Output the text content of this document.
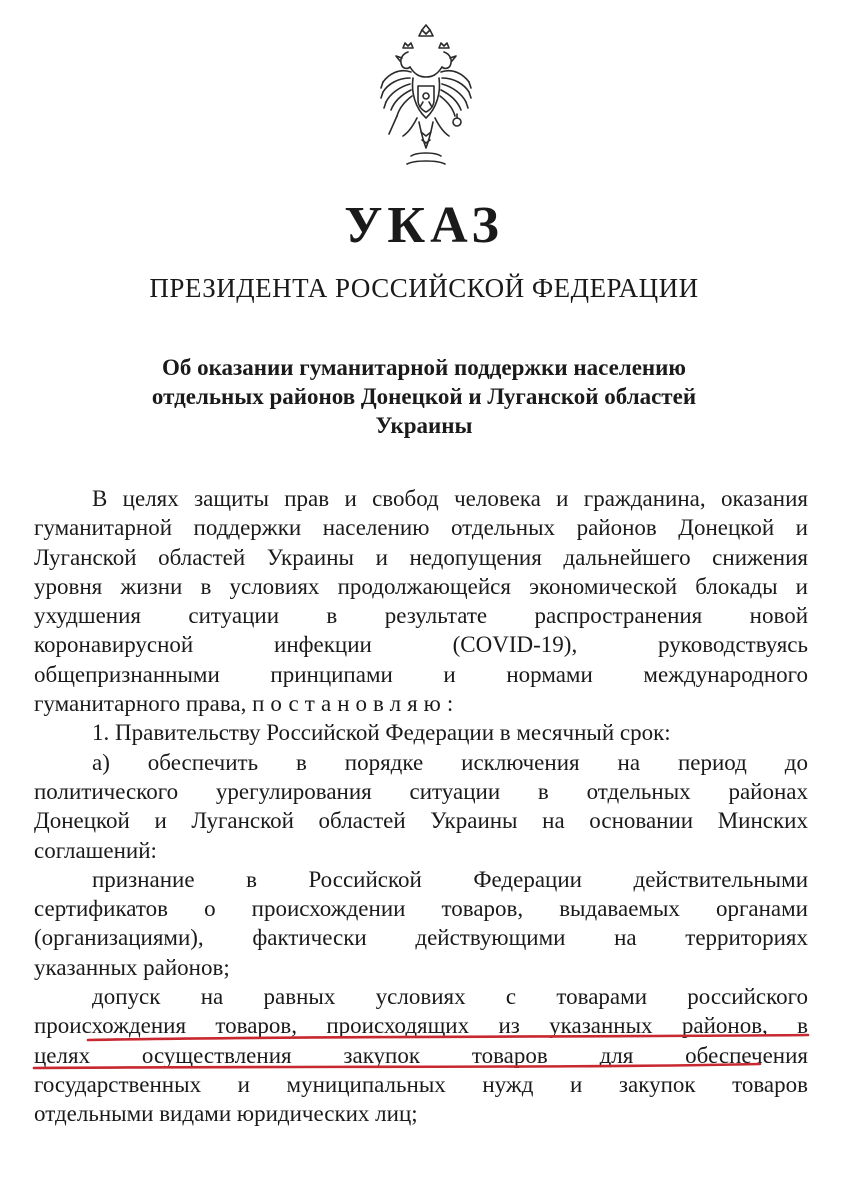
УКАЗ
ПРЕЗИДЕНТА РОССИЙСКОЙ ФЕДЕРАЦИИ
Об оказании гуманитарной поддержки населению
отдельных районов Донецкой и Луганской областей
Украины
В целях защиты прав и свобод человека и гражданина, оказания
гуманитарной поддержки населению отдельных районов Донецкой и
Луганской областей Украины и недопущения дальнейшего снижения
уровня жизни в условиях продолжающейся экономической блокады и
ухудшения ситуации в результате распространения новой
коронавирусной инфекции (COVID-19), руководствуясь
общепризнанными принципами и нормами международного
гуманитарного права, постановляю:
1. Правительству Российской Федерации в месячный срок:
а) обеспечить в порядке исключения на период до
политического урегулирования ситуации в отдельных районах
Донецкой и Луганской областей Украины на основании Минских
соглашений:
признание в Российской Федерации действительными
сертификатов о происхождении товаров, выдаваемых органами
(организациями), фактически действующими на территориях
указанных районов;
допуск на равных условиях с товарами российского
происхождения товаров, происходящих из указанных районов, в
целях осуществления закупок товаров для обеспечения
государственных и муниципальных нужд и закупок товаров
отдельными видами юридических лиц;
